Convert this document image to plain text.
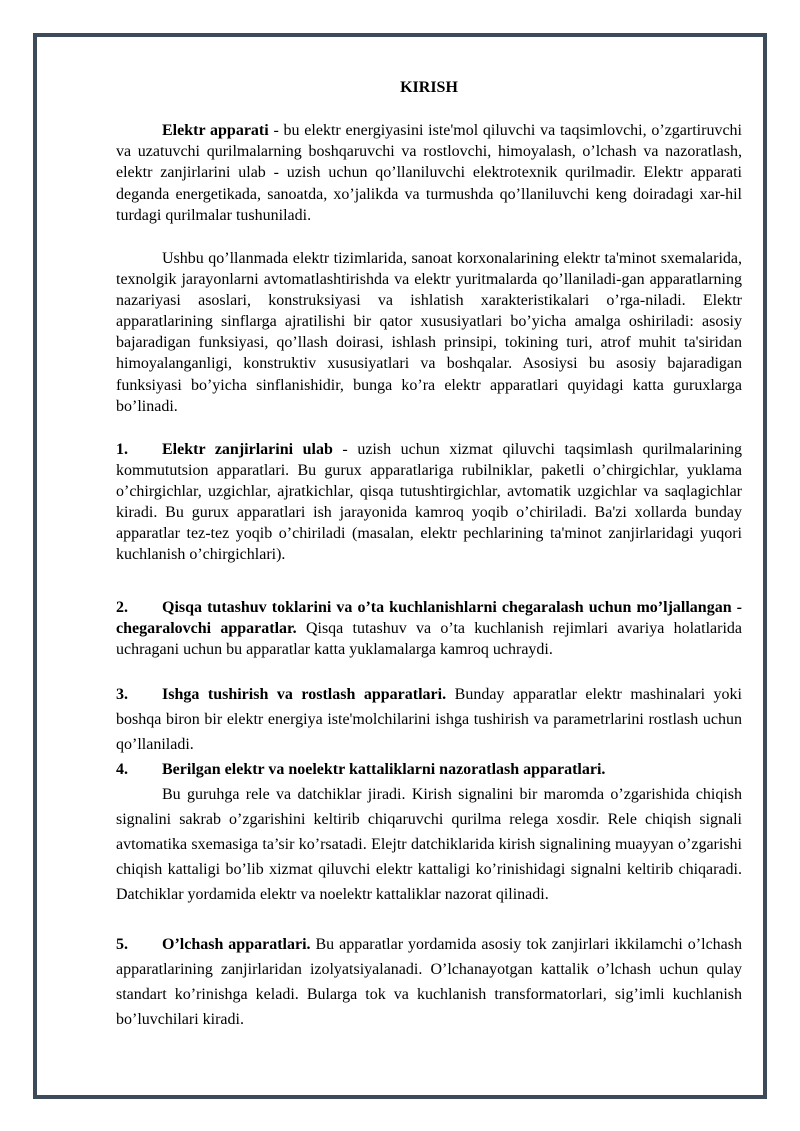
KIRISH
Elektr apparati - bu elektr energiyasini iste'mol qiluvchi va taqsimlovchi, o’zgartiruvchi va uzatuvchi qurilmalarning boshqaruvchi va rostlovchi, himoyalash, o’lchash va nazoratlash, elektr zanjirlarini ulab - uzish uchun qo’llaniluvchi elektrotexnik qurilmadir. Elektr apparati deganda energetikada, sanoatda, xo’jalikda va turmushda qo’llaniluvchi keng doiradagi xar-hil turdagi qurilmalar tushuniladi.
Ushbu qo’llanmada elektr tizimlarida, sanoat korxonalarining elektr ta'minot sxemalarida, texnolgik jarayonlarni avtomatlashtirishda va elektr yuritmalarda qo’llaniladi-gan apparatlarning nazariyasi asoslari, konstruksiyasi va ishlatish xarakteristikalari o’rga-niladi. Elektr apparatlarining sinflarga ajratilishi bir qator xususiyatlari bo’yicha amalga oshiriladi: asosiy bajaradigan funksiyasi, qo’llash doirasi, ishlash prinsipi, tokining turi, atrof muhit ta'siridan himoyalanganligi, konstruktiv xususiyatlari va boshqalar. Asosiysi bu asosiy bajaradigan funksiyasi bo’yicha sinflanishidir, bunga ko’ra elektr apparatlari quyidagi katta guruxlarga bo’linadi.
1. Elektr zanjirlarini ulab - uzish uchun xizmat qiluvchi taqsimlash qurilmalarining kommututsion apparatlari. Bu gurux apparatlariga rubilniklar, paketli o’chirgichlar, yuklama o’chirgichlar, uzgichlar, ajratkichlar, qisqa tutushtirgichlar, avtomatik uzgichlar va saqlagichlar kiradi. Bu gurux apparatlari ish jarayonida kamroq yoqib o’chiriladi. Ba'zi xollarda bunday apparatlar tez-tez yoqib o’chiriladi (masalan, elektr pechlarining ta'minot zanjirlaridagi yuqori kuchlanish o’chirgichlari).
2. Qisqa tutashuv toklarini va o’ta kuchlanishlarni chegaralash uchun mo’ljallangan - chegaralovchi apparatlar. Qisqa tutashuv va o’ta kuchlanish rejimlari avariya holatlarida uchragani uchun bu apparatlar katta yuklamalarga kamroq uchraydi.
3. Ishga tushirish va rostlash apparatlari. Bunday apparatlar elektr mashinalari yoki boshqa biron bir elektr energiya iste'molchilarini ishga tushirish va parametrlarini rostlash uchun qo’llaniladi.
4. Berilgan elektr va noelektr kattaliklarni nazoratlash apparatlari.
Bu guruhga rele va datchiklar jiradi. Kirish signalini bir maromda o’zgarishida chiqish signalini sakrab o’zgarishini keltirib chiqaruvchi qurilma relega xosdir. Rele chiqish signali avtomatika sxemasiga ta’sir ko’rsatadi. Elejtr datchiklarida kirish signalining muayyan o’zgarishi chiqish kattaligi bo’lib xizmat qiluvchi elektr kattaligi ko’rinishidagi signalni keltirib chiqaradi. Datchiklar yordamida elektr va noelektr kattaliklar nazorat qilinadi.
5. O’lchash apparatlari. Bu apparatlar yordamida asosiy tok zanjirlari ikkilamchi o’lchash apparatlarining zanjirlaridan izolyatsiyalanadi. O’lchanayotgan kattalik o’lchash uchun qulay standart ko’rinishga keladi. Bularga tok va kuchlanish transformatorlari, sig’imli kuchlanish bo’luvchilari kiradi.
